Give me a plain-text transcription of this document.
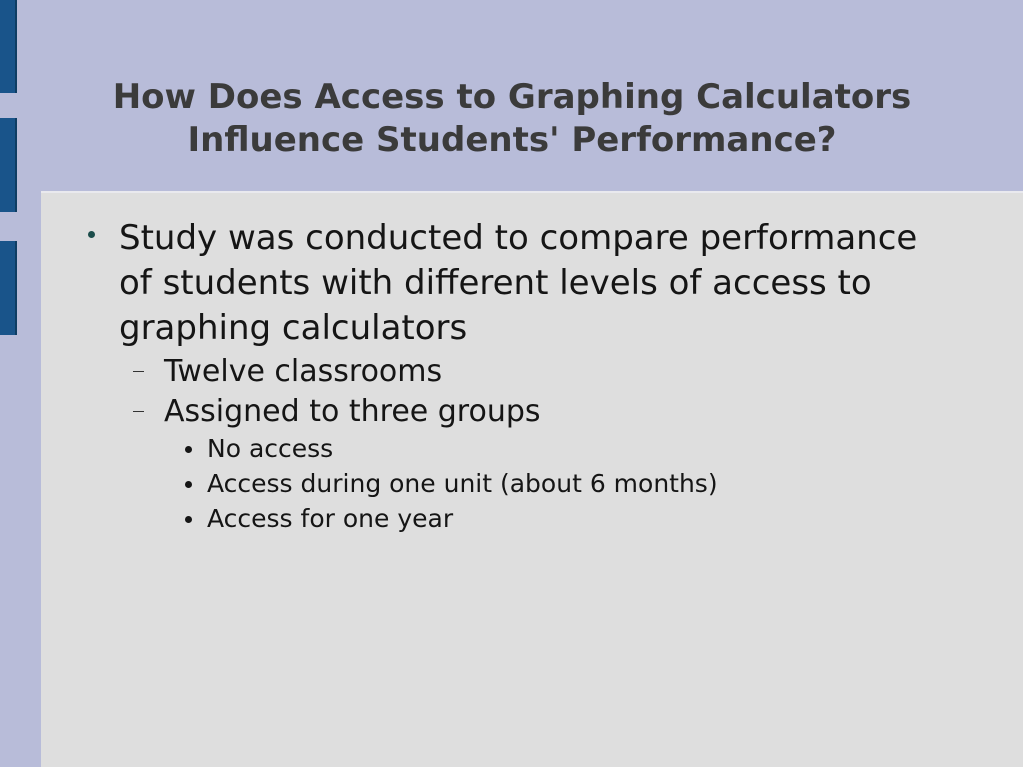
How Does Access to Graphing Calculators
Influence Students' Performance?
Study was conducted to compare performance of students with different levels of access to graphing calculators
Twelve classrooms
Assigned to three groups
No access
Access during one unit (about 6 months)
Access for one year
